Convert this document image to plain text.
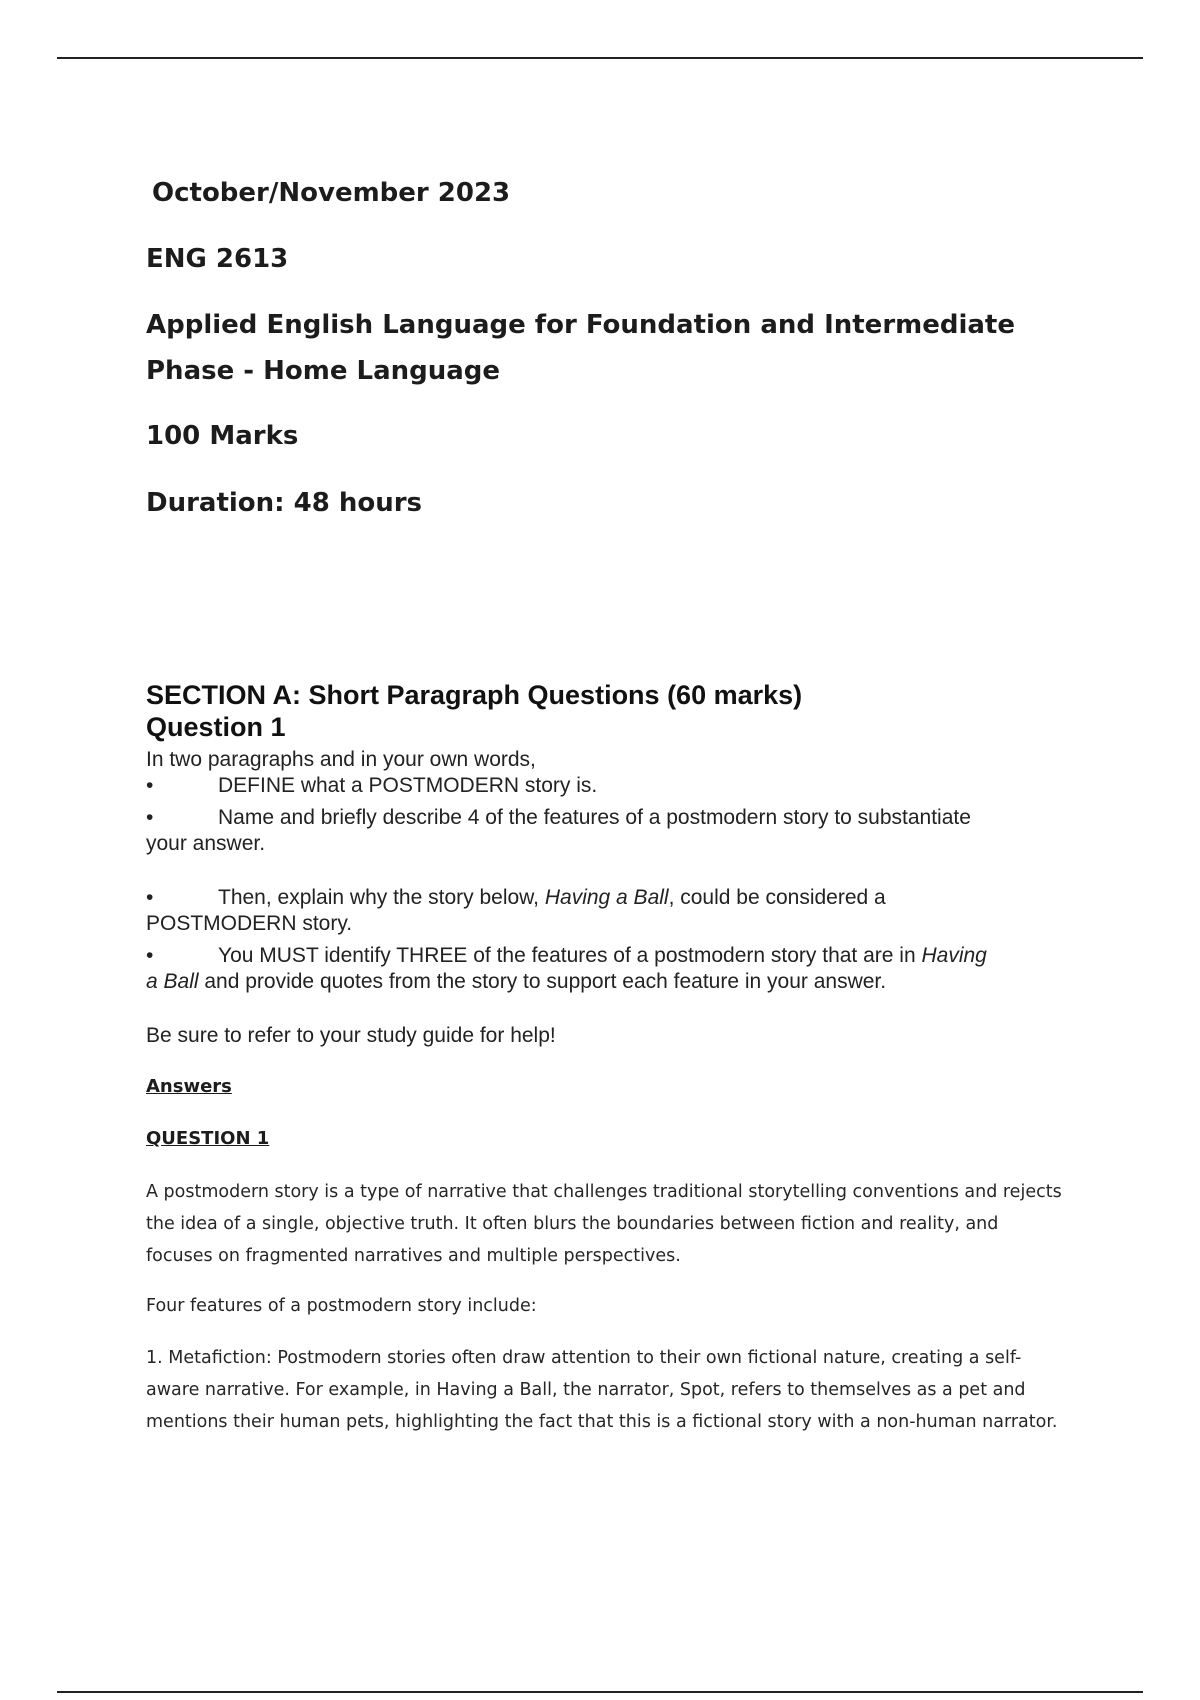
October/November 2023
ENG 2613
Applied English Language for Foundation and Intermediate
Phase - Home Language
100 Marks
Duration: 48 hours
SECTION A: Short Paragraph Questions (60 marks)
Question 1
In two paragraphs and in your own words,
•	DEFINE what a POSTMODERN story is.
•	Name and briefly describe 4 of the features of a postmodern story to substantiate
your answer.
•	Then, explain why the story below, Having a Ball, could be considered a
POSTMODERN story.
•	You MUST identify THREE of the features of a postmodern story that are in Having
a Ball and provide quotes from the story to support each feature in your answer.
Be sure to refer to your study guide for help!
Answers
QUESTION 1
A postmodern story is a type of narrative that challenges traditional storytelling conventions and rejects
the idea of a single, objective truth. It often blurs the boundaries between fiction and reality, and
focuses on fragmented narratives and multiple perspectives.
Four features of a postmodern story include:
1. Metafiction: Postmodern stories often draw attention to their own fictional nature, creating a self-
aware narrative. For example, in Having a Ball, the narrator, Spot, refers to themselves as a pet and
mentions their human pets, highlighting the fact that this is a fictional story with a non-human narrator.
